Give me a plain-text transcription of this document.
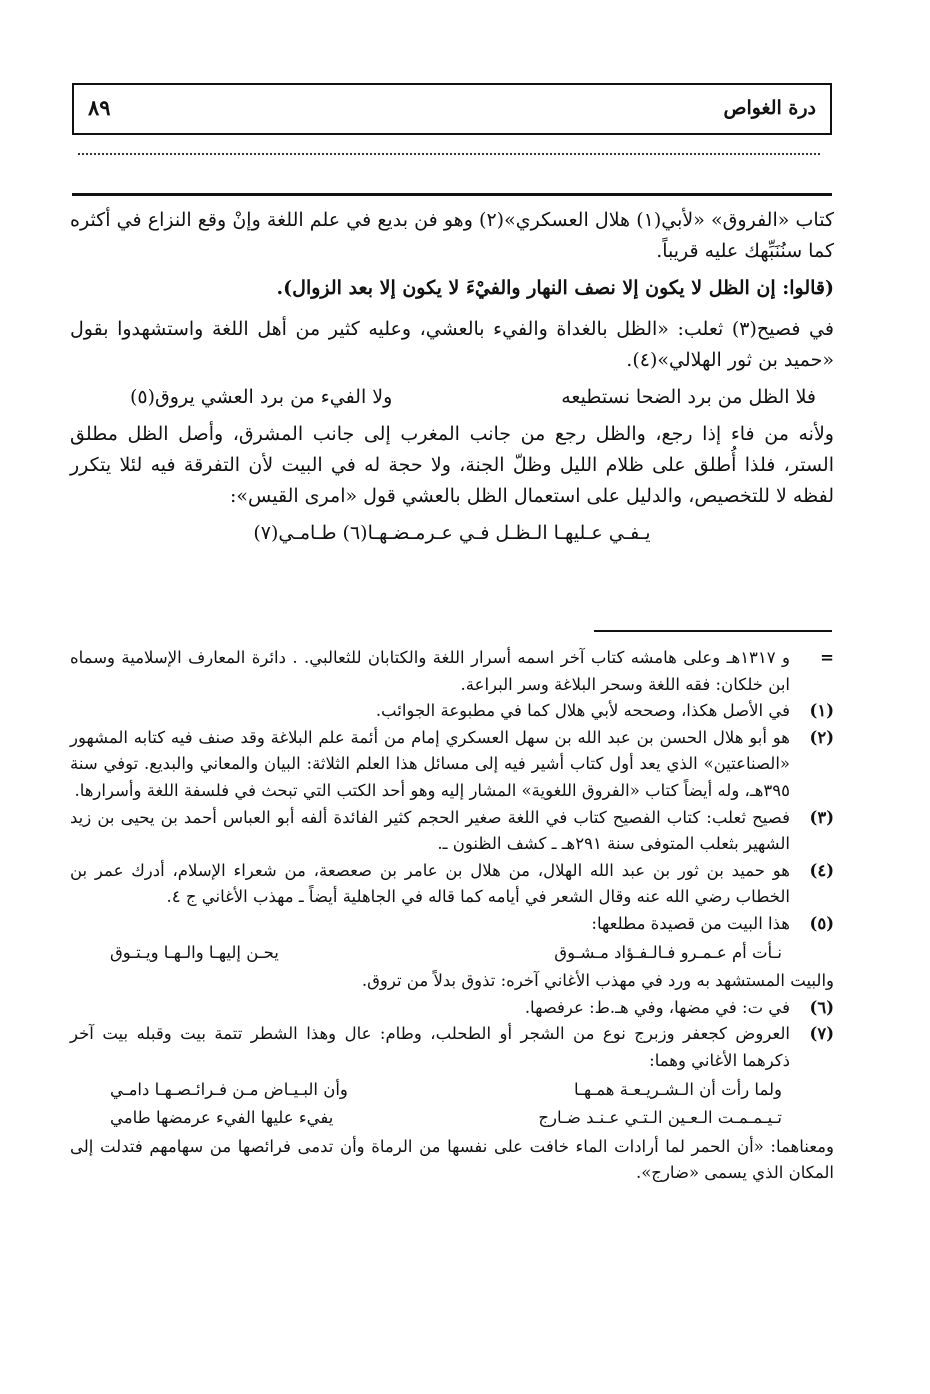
درة الغواص
٨٩

كتاب «الفروق» «لأبي(١) هلال العسكري»(٢) وهو فن بديع في علم اللغة وإنْ وقع النزاع في أكثره كما سنُنَبِّهك عليه قريباً.

(قالوا: إن الظل لا يكون إلا نصف النهار والفيْءَ لا يكون إلا بعد الزوال).

في فصيح(٣) ثعلب: «الظل بالغداة والفيء بالعشي، وعليه كثير من أهل اللغة واستشهدوا بقول «حميد بن ثور الهلالي»(٤).

فلا الظل من برد الضحا نستطيعه
ولا الفيء من برد العشي يروق(٥)

ولأنه من فاء إذا رجع، والظل رجع من جانب المغرب إلى جانب المشرق، وأصل الظل مطلق الستر، فلذا أُطلق على ظلام الليل وظلّ الجنة، ولا حجة له في البيت لأن التفرقة فيه لئلا يتكرر لفظه لا للتخصيص، والدليل على استعمال الظل بالعشي قول «امرى القيس»:

يـفـي عـليهـا الـظـل فـي عـرمـضـهـا(٦) طـامـي(٧)
=
و ١٣١٧هـ وعلى هامشه كتاب آخر اسمه أسرار اللغة والكتابان للثعالبي. . دائرة المعارف الإسلامية وسماه ابن خلكان: فقه اللغة وسحر البلاغة وسر البراعة.
(١)
في الأصل هكذا، وصححه لأبي هلال كما في مطبوعة الجوائب.
(٢)
هو أبو هلال الحسن بن عبد الله بن سهل العسكري إمام من أئمة علم البلاغة وقد صنف فيه كتابه المشهور «الصناعتين» الذي يعد أول كتاب أشير فيه إلى مسائل هذا العلم الثلاثة: البيان والمعاني والبديع. توفي سنة ٣٩٥هـ، وله أيضاً كتاب «الفروق اللغوية» المشار إليه وهو أحد الكتب التي تبحث في فلسفة اللغة وأسرارها.
(٣)
فصيح ثعلب: كتاب الفصيح كتاب في اللغة صغير الحجم كثير الفائدة ألفه أبو العباس أحمد بن يحيى بن زيد الشهير بثعلب المتوفى سنة ٢٩١هـ ـ كشف الظنون ـ.
(٤)
هو حميد بن ثور بن عبد الله الهلال، من هلال بن عامر بن صعصعة، من شعراء الإسلام، أدرك عمر بن الخطاب رضي الله عنه وقال الشعر في أيامه كما قاله في الجاهلية أيضاً ـ مهذب الأغاني ج ٤.
(٥)
هذا البيت من قصيدة مطلعها:
نـأت أم عـمـرو فـالـفـؤاد مـشـوق
يحـن إليهـا والـهـا ويـتـوق
والبيت المستشهد به ورد في مهذب الأغاني آخره: تذوق بدلاً من تروق.
(٦)
في ت: في مضها، وفي هـ.ط: عرفصها.
(٧)
العروض كجعفر وزبرج نوع من الشجر أو الطحلب، وطام: عال وهذا الشطر تتمة بيت وقبله بيت آخر ذكرهما الأغاني وهما:
ولما رأت أن الـشـريـعـة همـهـا
وأن البـيـاض مـن فـرائـصـهـا دامـي
تـيـمـمـت الـعـين الـتـي عـنـد ضـارج
يفيء عليها الفيء عرمضها طامي
ومعناهما: «أن الحمر لما أرادات الماء خافت على نفسها من الرماة وأن تدمى فرائصها من سهامهم فتدلت إلى المكان الذي يسمى «ضارج».
